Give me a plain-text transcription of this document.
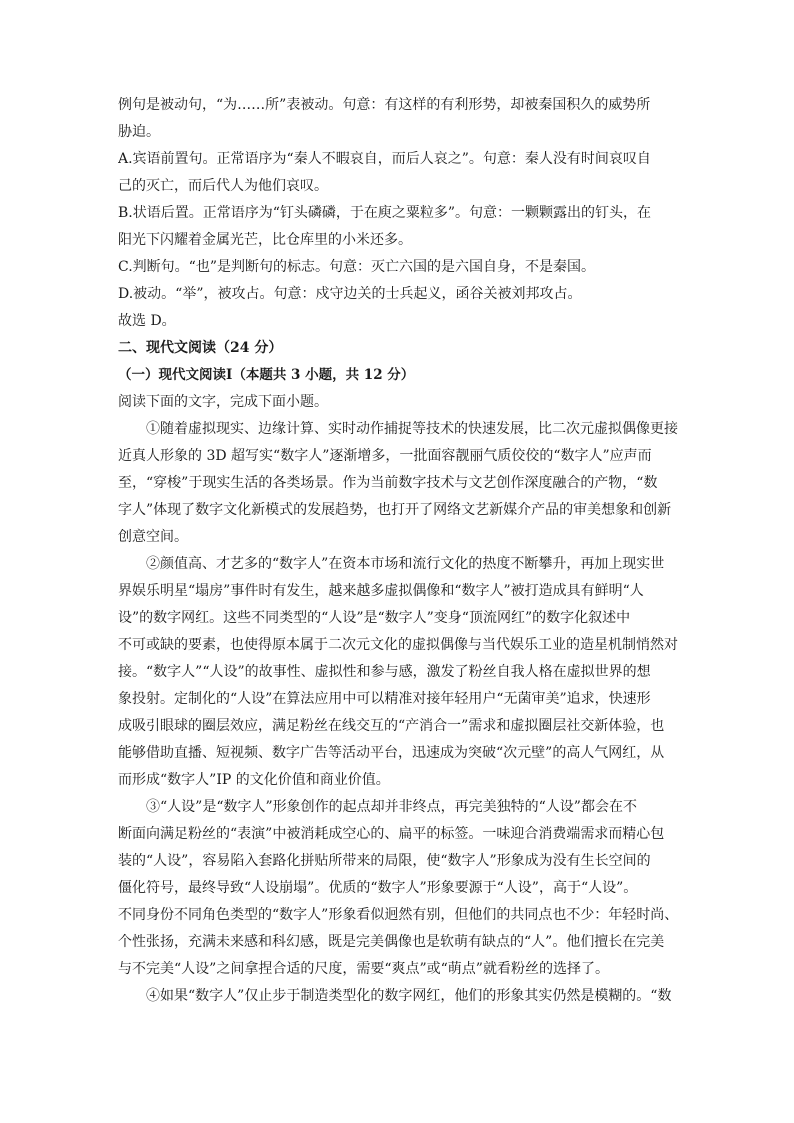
例句是被动句，“为……所”表被动。句意：有这样的有利形势，却被秦国积久的威势所
胁迫。
A.宾语前置句。正常语序为“秦人不暇哀自，而后人哀之”。句意：秦人没有时间哀叹自
己的灭亡，而后代人为他们哀叹。
B.状语后置。正常语序为“钉头磷磷，于在庾之粟粒多”。句意：一颗颗露出的钉头，在
阳光下闪耀着金属光芒，比仓库里的小米还多。
C.判断句。“也”是判断句的标志。句意：灭亡六国的是六国自身，不是秦国。
D.被动。“举”，被攻占。句意：戍守边关的士兵起义，函谷关被刘邦攻占。
故选 D。
二、现代文阅读（24 分）
（一）现代文阅读Ⅰ（本题共 3 小题，共 12 分）
阅读下面的文字，完成下面小题。
①随着虚拟现实、边缘计算、实时动作捕捉等技术的快速发展，比二次元虚拟偶像更接
近真人形象的 3D 超写实“数字人”逐渐增多，一批面容靓丽气质佼佼的“数字人”应声而
至，“穿梭”于现实生活的各类场景。作为当前数字技术与文艺创作深度融合的产物，“数
字人”体现了数字文化新模式的发展趋势，也打开了网络文艺新媒介产品的审美想象和创新
创意空间。
②颜值高、才艺多的“数字人”在资本市场和流行文化的热度不断攀升，再加上现实世
界娱乐明星“塌房”事件时有发生，越来越多虚拟偶像和“数字人”被打造成具有鲜明“人
设”的数字网红。这些不同类型的“人设”是“数字人”变身“顶流网红”的数字化叙述中
不可或缺的要素，也使得原本属于二次元文化的虚拟偶像与当代娱乐工业的造星机制悄然对
接。“数字人”“人设”的故事性、虚拟性和参与感，激发了粉丝自我人格在虚拟世界的想
象投射。定制化的“人设”在算法应用中可以精准对接年轻用户“无菌审美”追求，快速形
成吸引眼球的圈层效应，满足粉丝在线交互的“产消合一”需求和虚拟圈层社交新体验，也
能够借助直播、短视频、数字广告等活动平台，迅速成为突破“次元壁”的高人气网红，从
而形成“数字人”IP 的文化价值和商业价值。
③“人设”是“数字人”形象创作的起点却并非终点，再完美独特的“人设”都会在不
断面向满足粉丝的“表演”中被消耗成空心的、扁平的标签。一味迎合消费端需求而精心包
装的“人设”，容易陷入套路化拼贴所带来的局限，使“数字人”形象成为没有生长空间的
僵化符号，最终导致“人设崩塌”。优质的“数字人”形象要源于“人设”，高于“人设”。
不同身份不同角色类型的“数字人”形象看似迥然有别，但他们的共同点也不少：年轻时尚、
个性张扬，充满未来感和科幻感，既是完美偶像也是软萌有缺点的“人”。他们擅长在完美
与不完美“人设”之间拿捏合适的尺度，需要“爽点”或“萌点”就看粉丝的选择了。
④如果“数字人”仅止步于制造类型化的数字网红，他们的形象其实仍然是模糊的。“数
